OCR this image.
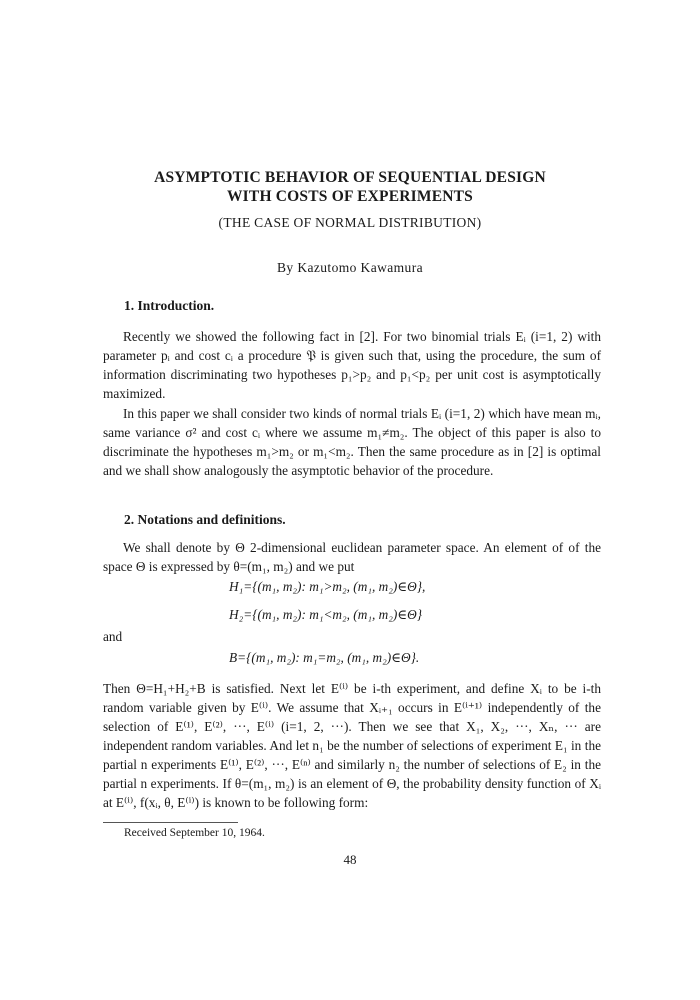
ASYMPTOTIC BEHAVIOR OF SEQUENTIAL DESIGN
WITH COSTS OF EXPERIMENTS
(THE CASE OF NORMAL DISTRIBUTION)
By Kazutomo Kawamura
1. Introduction.
Recently we showed the following fact in [2]. For two binomial trials Eᵢ (i=1, 2) with parameter pᵢ and cost cᵢ a procedure 𝔓 is given such that, using the procedure, the sum of information discriminating two hypotheses p₁>p₂ and p₁<p₂ per unit cost is asymptotically maximized.
In this paper we shall consider two kinds of normal trials Eᵢ (i=1, 2) which have mean mᵢ, same variance σ² and cost cᵢ where we assume m₁≠m₂. The object of this paper is also to discriminate the hypotheses m₁>m₂ or m₁<m₂. Then the same procedure as in [2] is optimal and we shall show analogously the asymptotic behavior of the procedure.
2. Notations and definitions.
We shall denote by Θ 2-dimensional euclidean parameter space. An element of of the space Θ is expressed by θ=(m₁, m₂) and we put
H₁={(m₁, m₂): m₁>m₂, (m₁, m₂)∈Θ},
H₂={(m₁, m₂): m₁<m₂, (m₁, m₂)∈Θ}
and
B={(m₁, m₂): m₁=m₂, (m₁, m₂)∈Θ}.
Then Θ=H₁+H₂+B is satisfied. Next let E⁽ⁱ⁾ be i-th experiment, and define Xᵢ to be i-th random variable given by E⁽ⁱ⁾. We assume that Xᵢ₊₁ occurs in E⁽ⁱ⁺¹⁾ independently of the selection of E⁽¹⁾, E⁽²⁾, ···, E⁽ⁱ⁾ (i=1, 2, ···). Then we see that X₁, X₂, ···, Xₙ, ··· are independent random variables. And let n₁ be the number of selections of experiment E₁ in the partial n experiments E⁽¹⁾, E⁽²⁾, ···, E⁽ⁿ⁾ and similarly n₂ the number of selections of E₂ in the partial n experiments. If θ=(m₁, m₂) is an element of Θ, the probability density function of Xᵢ at E⁽ⁱ⁾, f(xᵢ, θ, E⁽ⁱ⁾) is known to be following form:
Received September 10, 1964.
48
